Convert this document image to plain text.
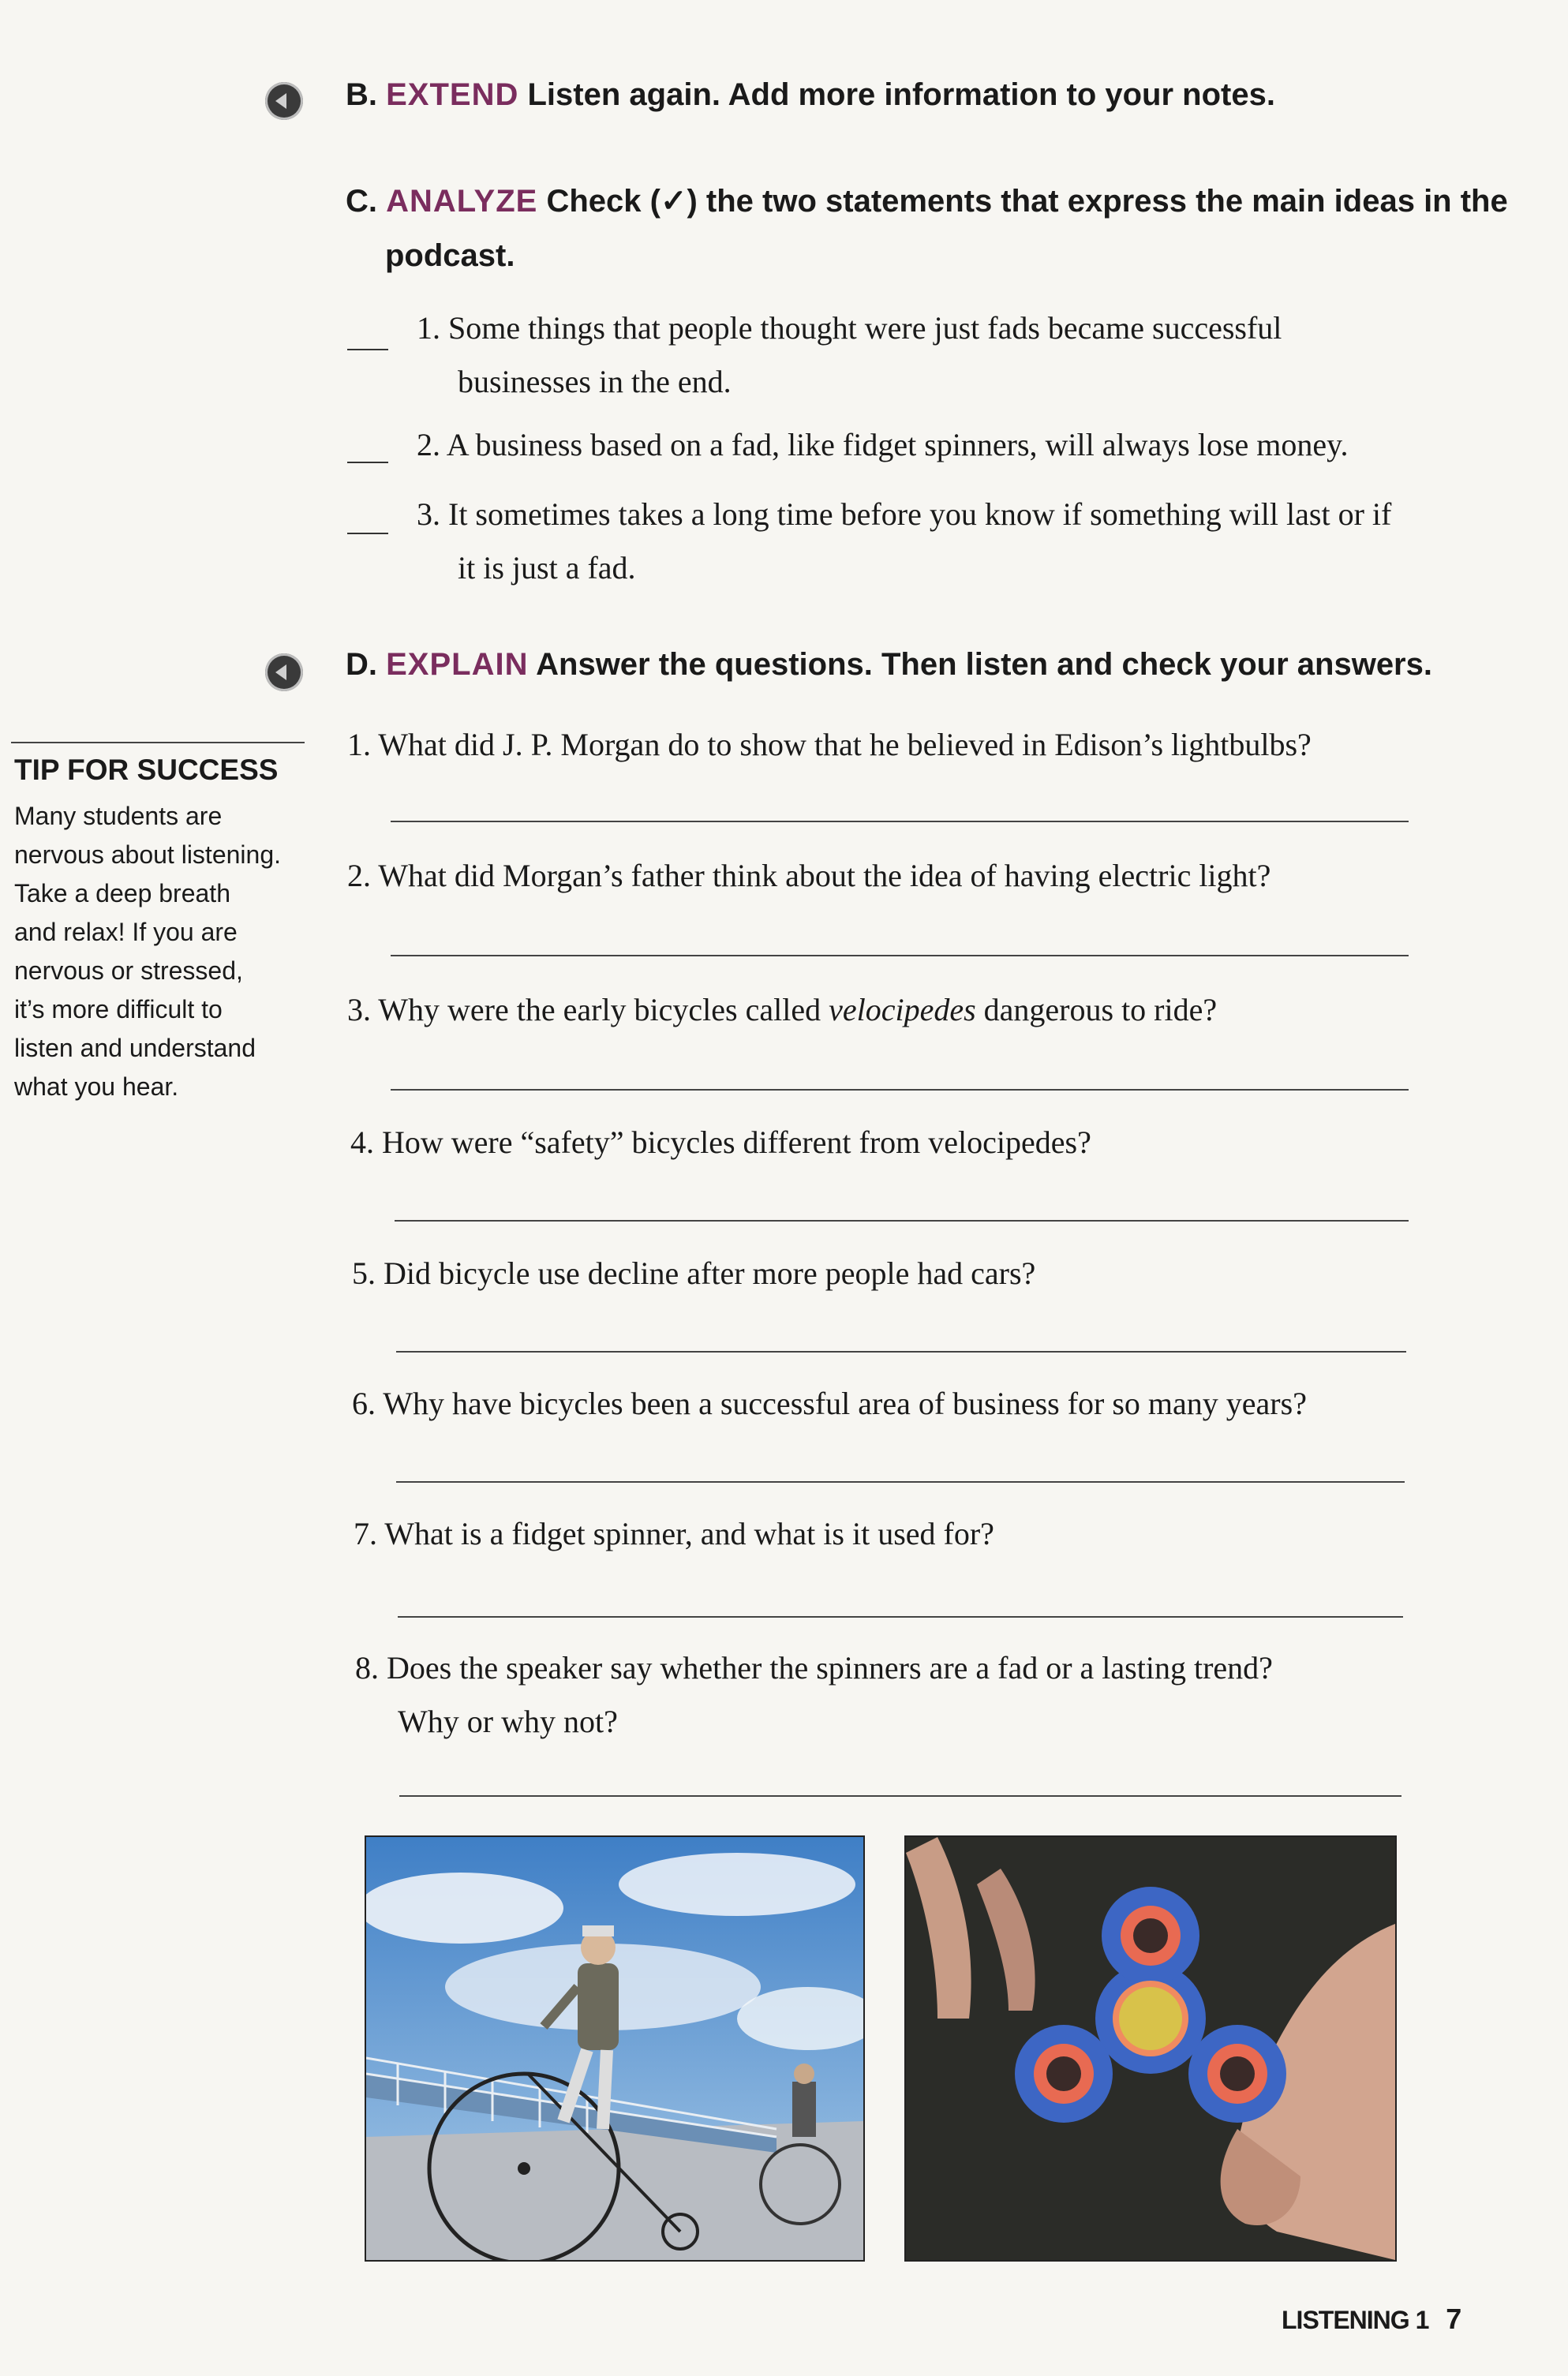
B. EXTEND Listen again. Add more information to your notes.
C. ANALYZE Check (✓) the two statements that express the main ideas in the
podcast.
1. Some things that people thought were just fads became successful
businesses in the end.
2. A business based on a fad, like fidget spinners, will always lose money.
3. It sometimes takes a long time before you know if something will last or if
it is just a fad.
D. EXPLAIN Answer the questions. Then listen and check your answers.
TIP FOR SUCCESS
Many students are
nervous about listening.
Take a deep breath
and relax! If you are
nervous or stressed,
it’s more difficult to
listen and understand
what you hear.
1. What did J. P. Morgan do to show that he believed in Edison’s lightbulbs?
2. What did Morgan’s father think about the idea of having electric light?
3. Why were the early bicycles called velocipedes dangerous to ride?
4. How were “safety” bicycles different from velocipedes?
5. Did bicycle use decline after more people had cars?
6. Why have bicycles been a successful area of business for so many years?
7. What is a fidget spinner, and what is it used for?
8. Does the speaker say whether the spinners are a fad or a lasting trend?
Why or why not?
LISTENING 1 7
